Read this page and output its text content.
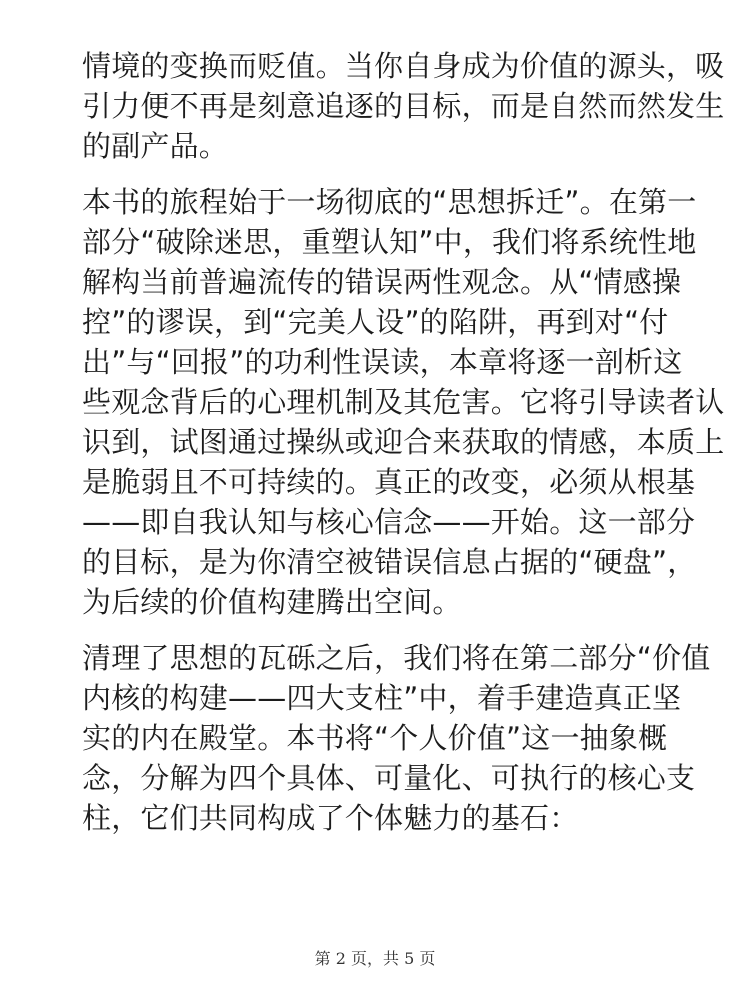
情境的变换而贬值。当你自身成为价值的源头，吸
引力便不再是刻意追逐的目标，而是自然而然发生
的副产品。
本书的旅程始于一场彻底的“思想拆迁”。在第一
部分“破除迷思，重塑认知”中，我们将系统性地
解构当前普遍流传的错误两性观念。从“情感操
控”的谬误，到“完美人设”的陷阱，再到对“付
出”与“回报”的功利性误读，本章将逐一剖析这
些观念背后的心理机制及其危害。它将引导读者认
识到，试图通过操纵或迎合来获取的情感，本质上
是脆弱且不可持续的。真正的改变，必须从根基
——即自我认知与核心信念——开始。这一部分
的目标，是为你清空被错误信息占据的“硬盘”，
为后续的价值构建腾出空间。
清理了思想的瓦砾之后，我们将在第二部分“价值
内核的构建——四大支柱”中，着手建造真正坚
实的内在殿堂。本书将“个人价值”这一抽象概
念，分解为四个具体、可量化、可执行的核心支
柱，它们共同构成了个体魅力的基石：
第 2 页，共 5 页
